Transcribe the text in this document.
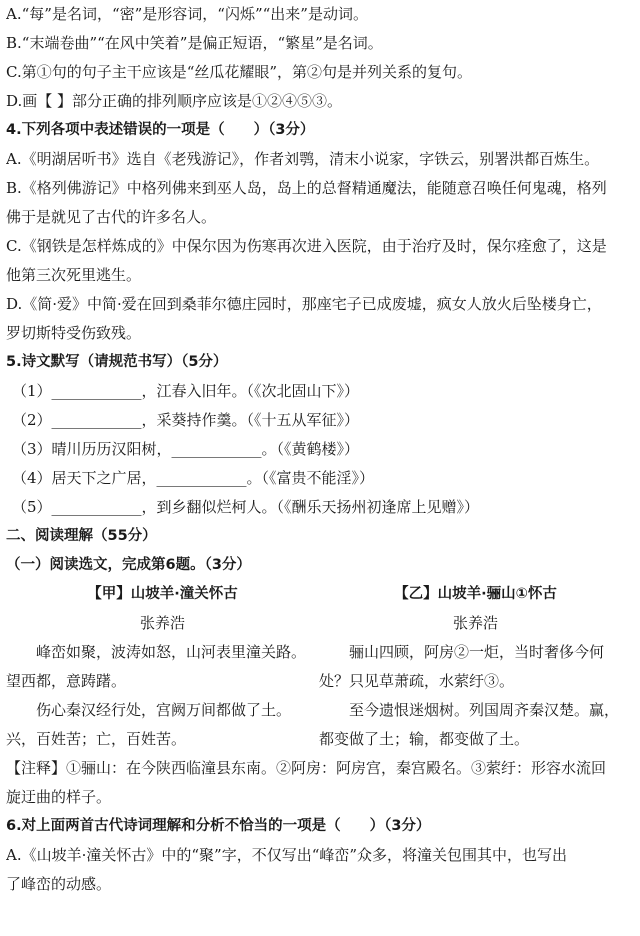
A.“每”是名词，“密”是形容词，“闪烁”“出来”是动词。
B.“末端卷曲”“在风中笑着”是偏正短语，“繁星”是名词。
C.第①句的句子主干应该是“丝瓜花耀眼”，第②句是并列关系的复句。
D.画【 】部分正确的排列顺序应该是①②④⑤③。
4.下列各项中表述错误的一项是（　　）（3分）
A.《明湖居听书》选自《老残游记》，作者刘鹗，清末小说家，字铁云，别署洪都百炼生。
B.《格列佛游记》中格列佛来到巫人岛，岛上的总督精通魔法，能随意召唤任何鬼魂，格列
佛于是就见了古代的许多名人。
C.《钢铁是怎样炼成的》中保尔因为伤寒再次进入医院，由于治疗及时，保尔痊愈了，这是
他第三次死里逃生。
D.《简·爱》中简·爱在回到桑菲尔德庄园时，那座宅子已成废墟，疯女人放火后坠楼身亡，
罗切斯特受伤致残。
5.诗文默写（请规范书写）（5分）
（1）____________，江春入旧年。（《次北固山下》）
（2）____________，采葵持作羹。（《十五从军征》）
（3）晴川历历汉阳树，____________。（《黄鹤楼》）
（4）居天下之广居，____________。（《富贵不能淫》）
（5）____________，到乡翻似烂柯人。（《酬乐天扬州初逢席上见赠》）
二、阅读理解（55分）
（一）阅读选文，完成第6题。（3分）
【甲】山坡羊·潼关怀古
张养浩
峰峦如聚，波涛如怒，山河表里潼关路。
望西都，意踌躇。
伤心秦汉经行处，宫阙万间都做了土。
兴，百姓苦；亡，百姓苦。
【乙】山坡羊·骊山①怀古
张养浩
骊山四顾，阿房②一炬，当时奢侈今何
处？只见草萧疏，水萦纡③。
至今遗恨迷烟树。列国周齐秦汉楚。赢，
都变做了土；输，都变做了土。
【注释】①骊山：在今陕西临潼县东南。②阿房：阿房宫，秦宫殿名。③萦纡：形容水流回
旋迂曲的样子。
6.对上面两首古代诗词理解和分析不恰当的一项是（　　）（3分）
A.《山坡羊·潼关怀古》中的“聚”字，不仅写出“峰峦”众多，将潼关包围其中，也写出
了峰峦的动感。
